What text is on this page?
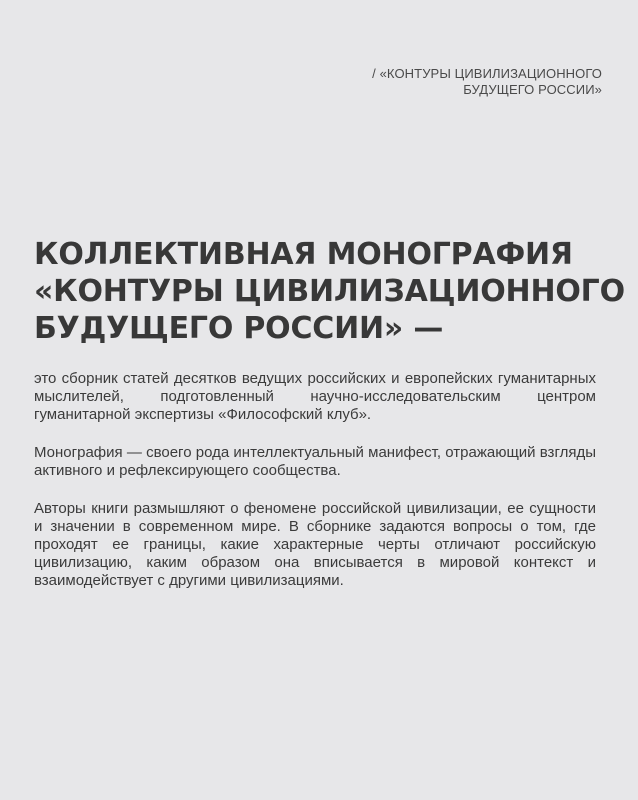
/ «КОНТУРЫ ЦИВИЛИЗАЦИОННОГО
БУДУЩЕГО РОССИИ»
КОЛЛЕКТИВНАЯ МОНОГРАФИЯ
«КОНТУРЫ ЦИВИЛИЗАЦИОННОГО
БУДУЩЕГО РОССИИ» —

это сборник статей десятков ведущих российских и европейских гуманитарных мыслителей, подготовленный научно-исследовательским центром гуманитарной экспертизы «Философский клуб».

Монография — своего рода интеллектуальный манифест, отражающий взгляды активного и рефлексирующего сообщества.

Авторы книги размышляют о феномене российской цивилизации, ее сущности и значении в современном мире. В сборнике задаются вопросы о том, где проходят ее границы, какие характерные черты отличают российскую цивилизацию, каким образом она вписывается в мировой контекст и взаимодействует с другими цивилизациями.
